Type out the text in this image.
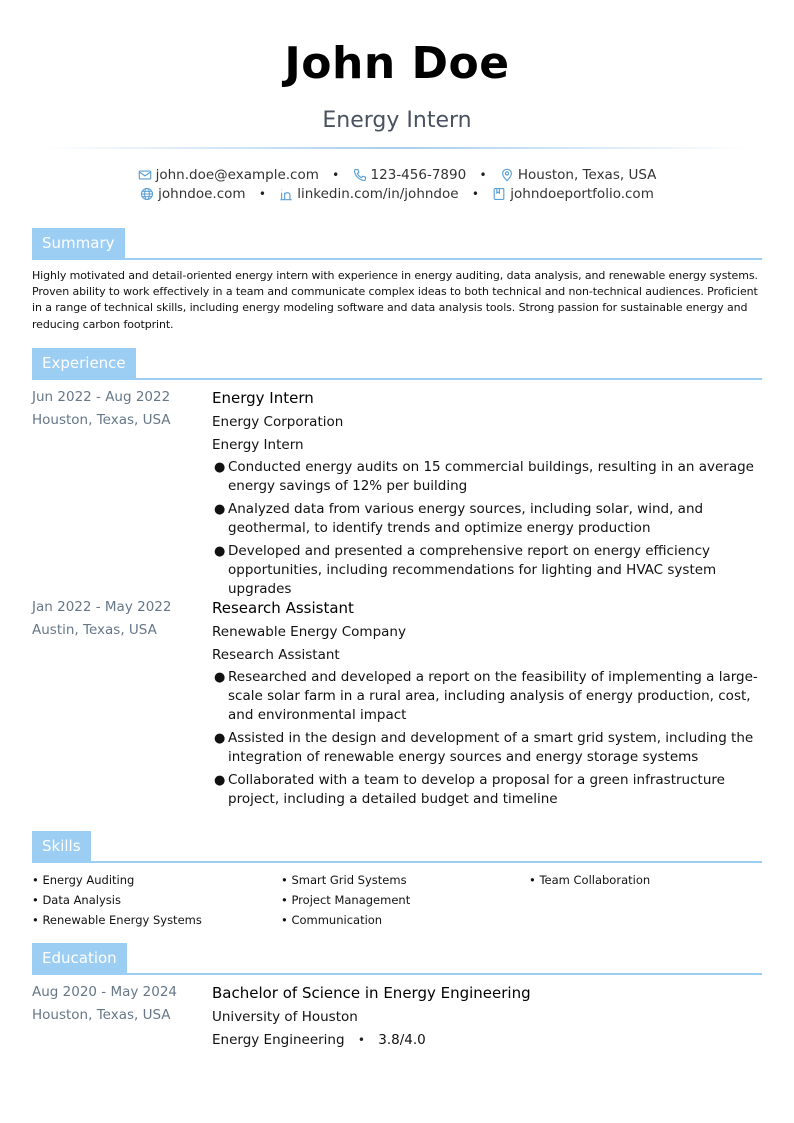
John Doe
Energy Intern
john.doe@example.com • 123-456-7890 • Houston, Texas, USA
johndoe.com • linkedin.com/in/johndoe • johndoeportfolio.com
Summary
Highly motivated and detail-oriented energy intern with experience in energy auditing, data analysis, and renewable energy systems. Proven ability to work effectively in a team and communicate complex ideas to both technical and non-technical audiences. Proficient in a range of technical skills, including energy modeling software and data analysis tools. Strong passion for sustainable energy and reducing carbon footprint.
Experience
Jun 2022 - Aug 2022
Houston, Texas, USA
Energy Intern
Energy Corporation
Energy Intern
● Conducted energy audits on 15 commercial buildings, resulting in an average energy savings of 12% per building
● Analyzed data from various energy sources, including solar, wind, and geothermal, to identify trends and optimize energy production
● Developed and presented a comprehensive report on energy efficiency opportunities, including recommendations for lighting and HVAC system upgrades
Jan 2022 - May 2022
Austin, Texas, USA
Research Assistant
Renewable Energy Company
Research Assistant
● Researched and developed a report on the feasibility of implementing a large-scale solar farm in a rural area, including analysis of energy production, cost, and environmental impact
● Assisted in the design and development of a smart grid system, including the integration of renewable energy sources and energy storage systems
● Collaborated with a team to develop a proposal for a green infrastructure project, including a detailed budget and timeline
Skills
• Energy Auditing
• Data Analysis
• Renewable Energy Systems
• Smart Grid Systems
• Project Management
• Communication
• Team Collaboration
Education
Aug 2020 - May 2024
Houston, Texas, USA
Bachelor of Science in Energy Engineering
University of Houston
Energy Engineering • 3.8/4.0
